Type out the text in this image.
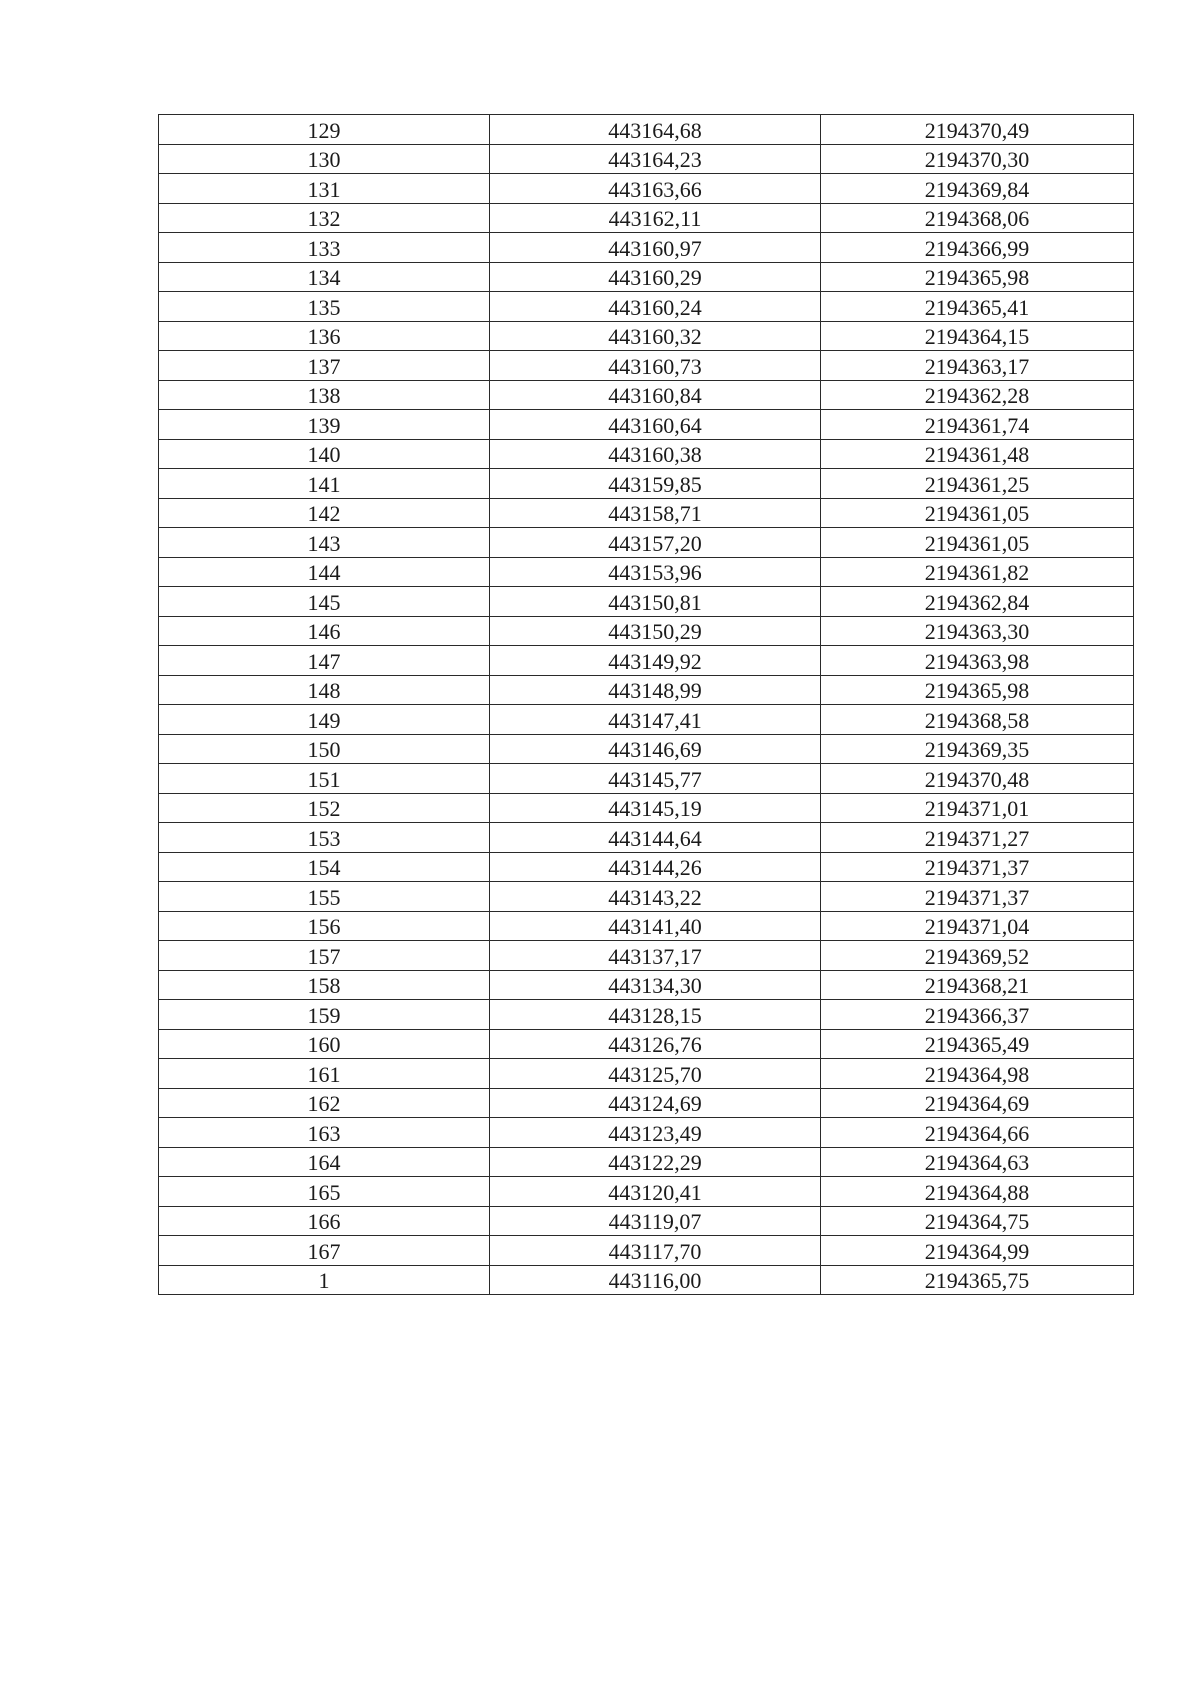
129	443164,68	2194370,49
130	443164,23	2194370,30
131	443163,66	2194369,84
132	443162,11	2194368,06
133	443160,97	2194366,99
134	443160,29	2194365,98
135	443160,24	2194365,41
136	443160,32	2194364,15
137	443160,73	2194363,17
138	443160,84	2194362,28
139	443160,64	2194361,74
140	443160,38	2194361,48
141	443159,85	2194361,25
142	443158,71	2194361,05
143	443157,20	2194361,05
144	443153,96	2194361,82
145	443150,81	2194362,84
146	443150,29	2194363,30
147	443149,92	2194363,98
148	443148,99	2194365,98
149	443147,41	2194368,58
150	443146,69	2194369,35
151	443145,77	2194370,48
152	443145,19	2194371,01
153	443144,64	2194371,27
154	443144,26	2194371,37
155	443143,22	2194371,37
156	443141,40	2194371,04
157	443137,17	2194369,52
158	443134,30	2194368,21
159	443128,15	2194366,37
160	443126,76	2194365,49
161	443125,70	2194364,98
162	443124,69	2194364,69
163	443123,49	2194364,66
164	443122,29	2194364,63
165	443120,41	2194364,88
166	443119,07	2194364,75
167	443117,70	2194364,99
1	443116,00	2194365,75
